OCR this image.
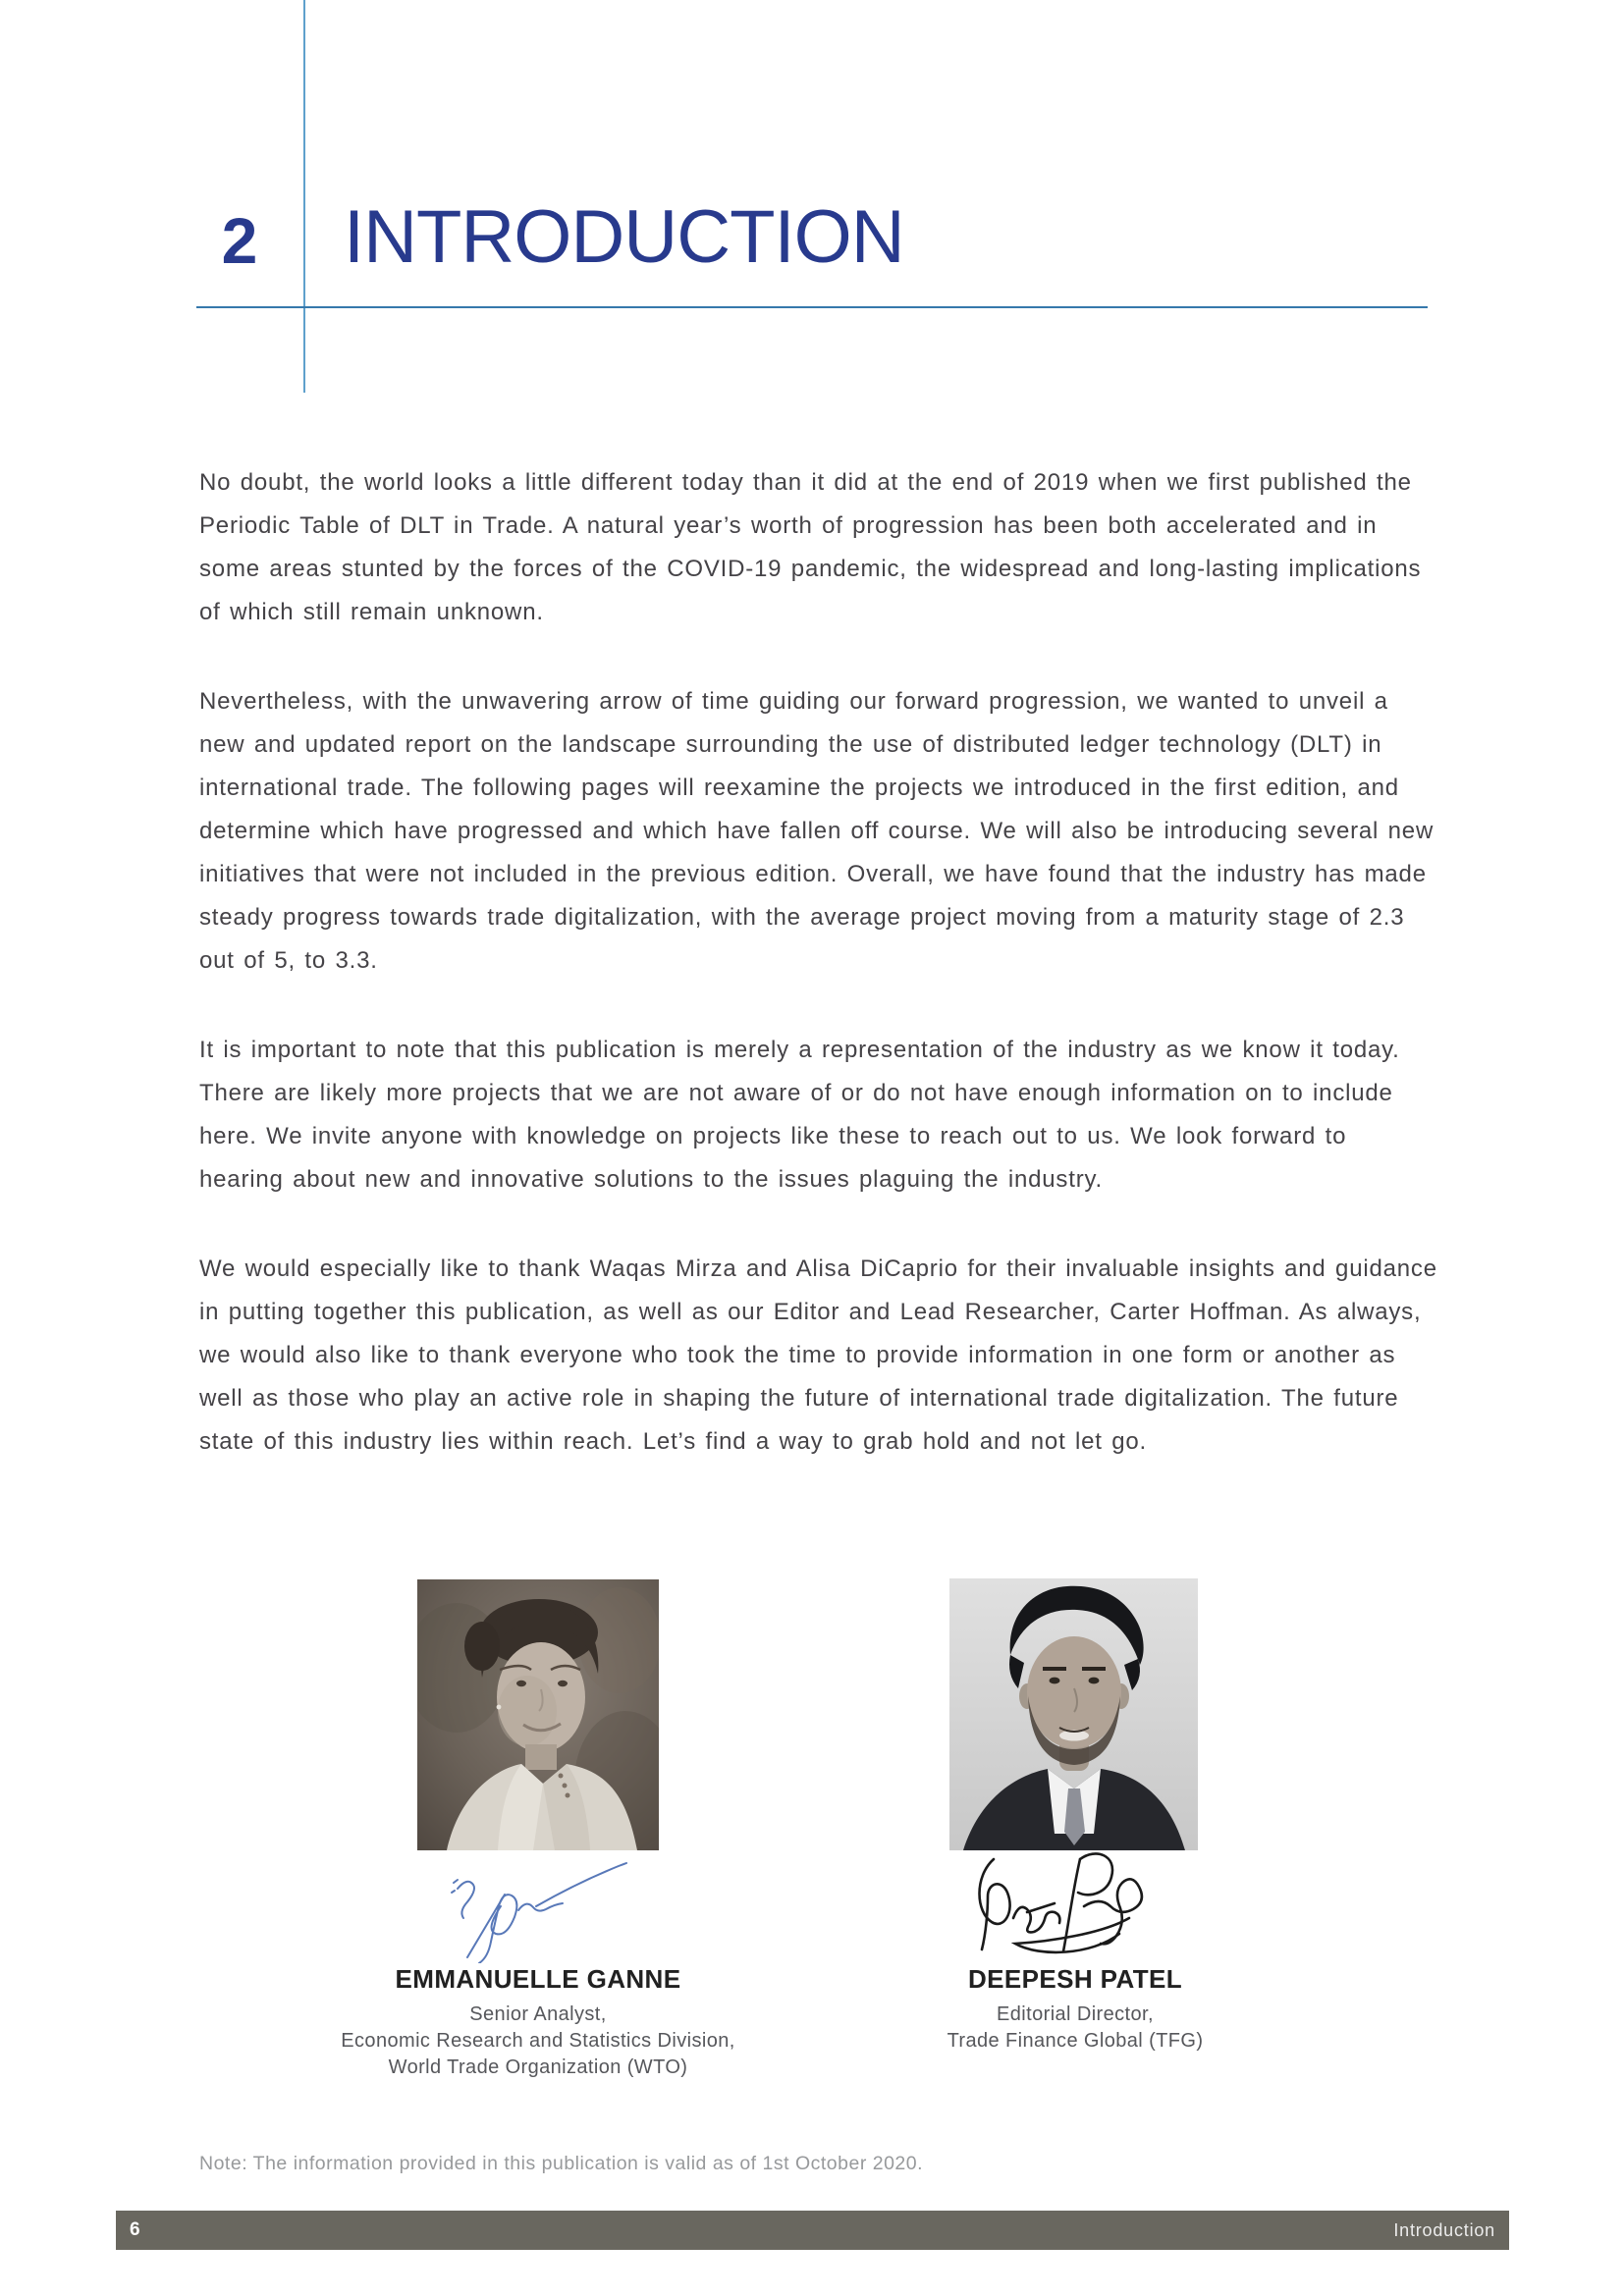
2	INTRODUCTION

No doubt, the world looks a little different today than it did at the end of 2019 when we first published the Periodic Table of DLT in Trade. A natural year’s worth of progression has been both accelerated and in some areas stunted by the forces of the COVID-19 pandemic, the widespread and long-lasting implications of which still remain unknown.

Nevertheless, with the unwavering arrow of time guiding our forward progression, we wanted to unveil a new and updated report on the landscape surrounding the use of distributed ledger technology (DLT) in international trade. The following pages will reexamine the projects we introduced in the first edition, and determine which have progressed and which have fallen off course. We will also be introducing several new initiatives that were not included in the previous edition. Overall, we have found that the industry has made steady progress towards trade digitalization, with the average project moving from a maturity stage of 2.3 out of 5, to 3.3.

It is important to note that this publication is merely a representation of the industry as we know it today. There are likely more projects that we are not aware of or do not have enough information on to include here. We invite anyone with knowledge on projects like these to reach out to us. We look forward to hearing about new and innovative solutions to the issues plaguing the industry.

We would especially like to thank Waqas Mirza and Alisa DiCaprio for their invaluable insights and guidance in putting together this publication, as well as our Editor and Lead Researcher, Carter Hoffman. As always, we would also like to thank everyone who took the time to provide information in one form or another as well as those who play an active role in shaping the future of international trade digitalization. The future state of this industry lies within reach. Let’s find a way to grab hold and not let go.

EMMANUELLE GANNE
Senior Analyst,
Economic Research and Statistics Division,
World Trade Organization (WTO)
DEEPESH PATEL
Editorial Director,
Trade Finance Global (TFG)
Note: The information provided in this publication is valid as of 1st October 2020.
6	Introduction
